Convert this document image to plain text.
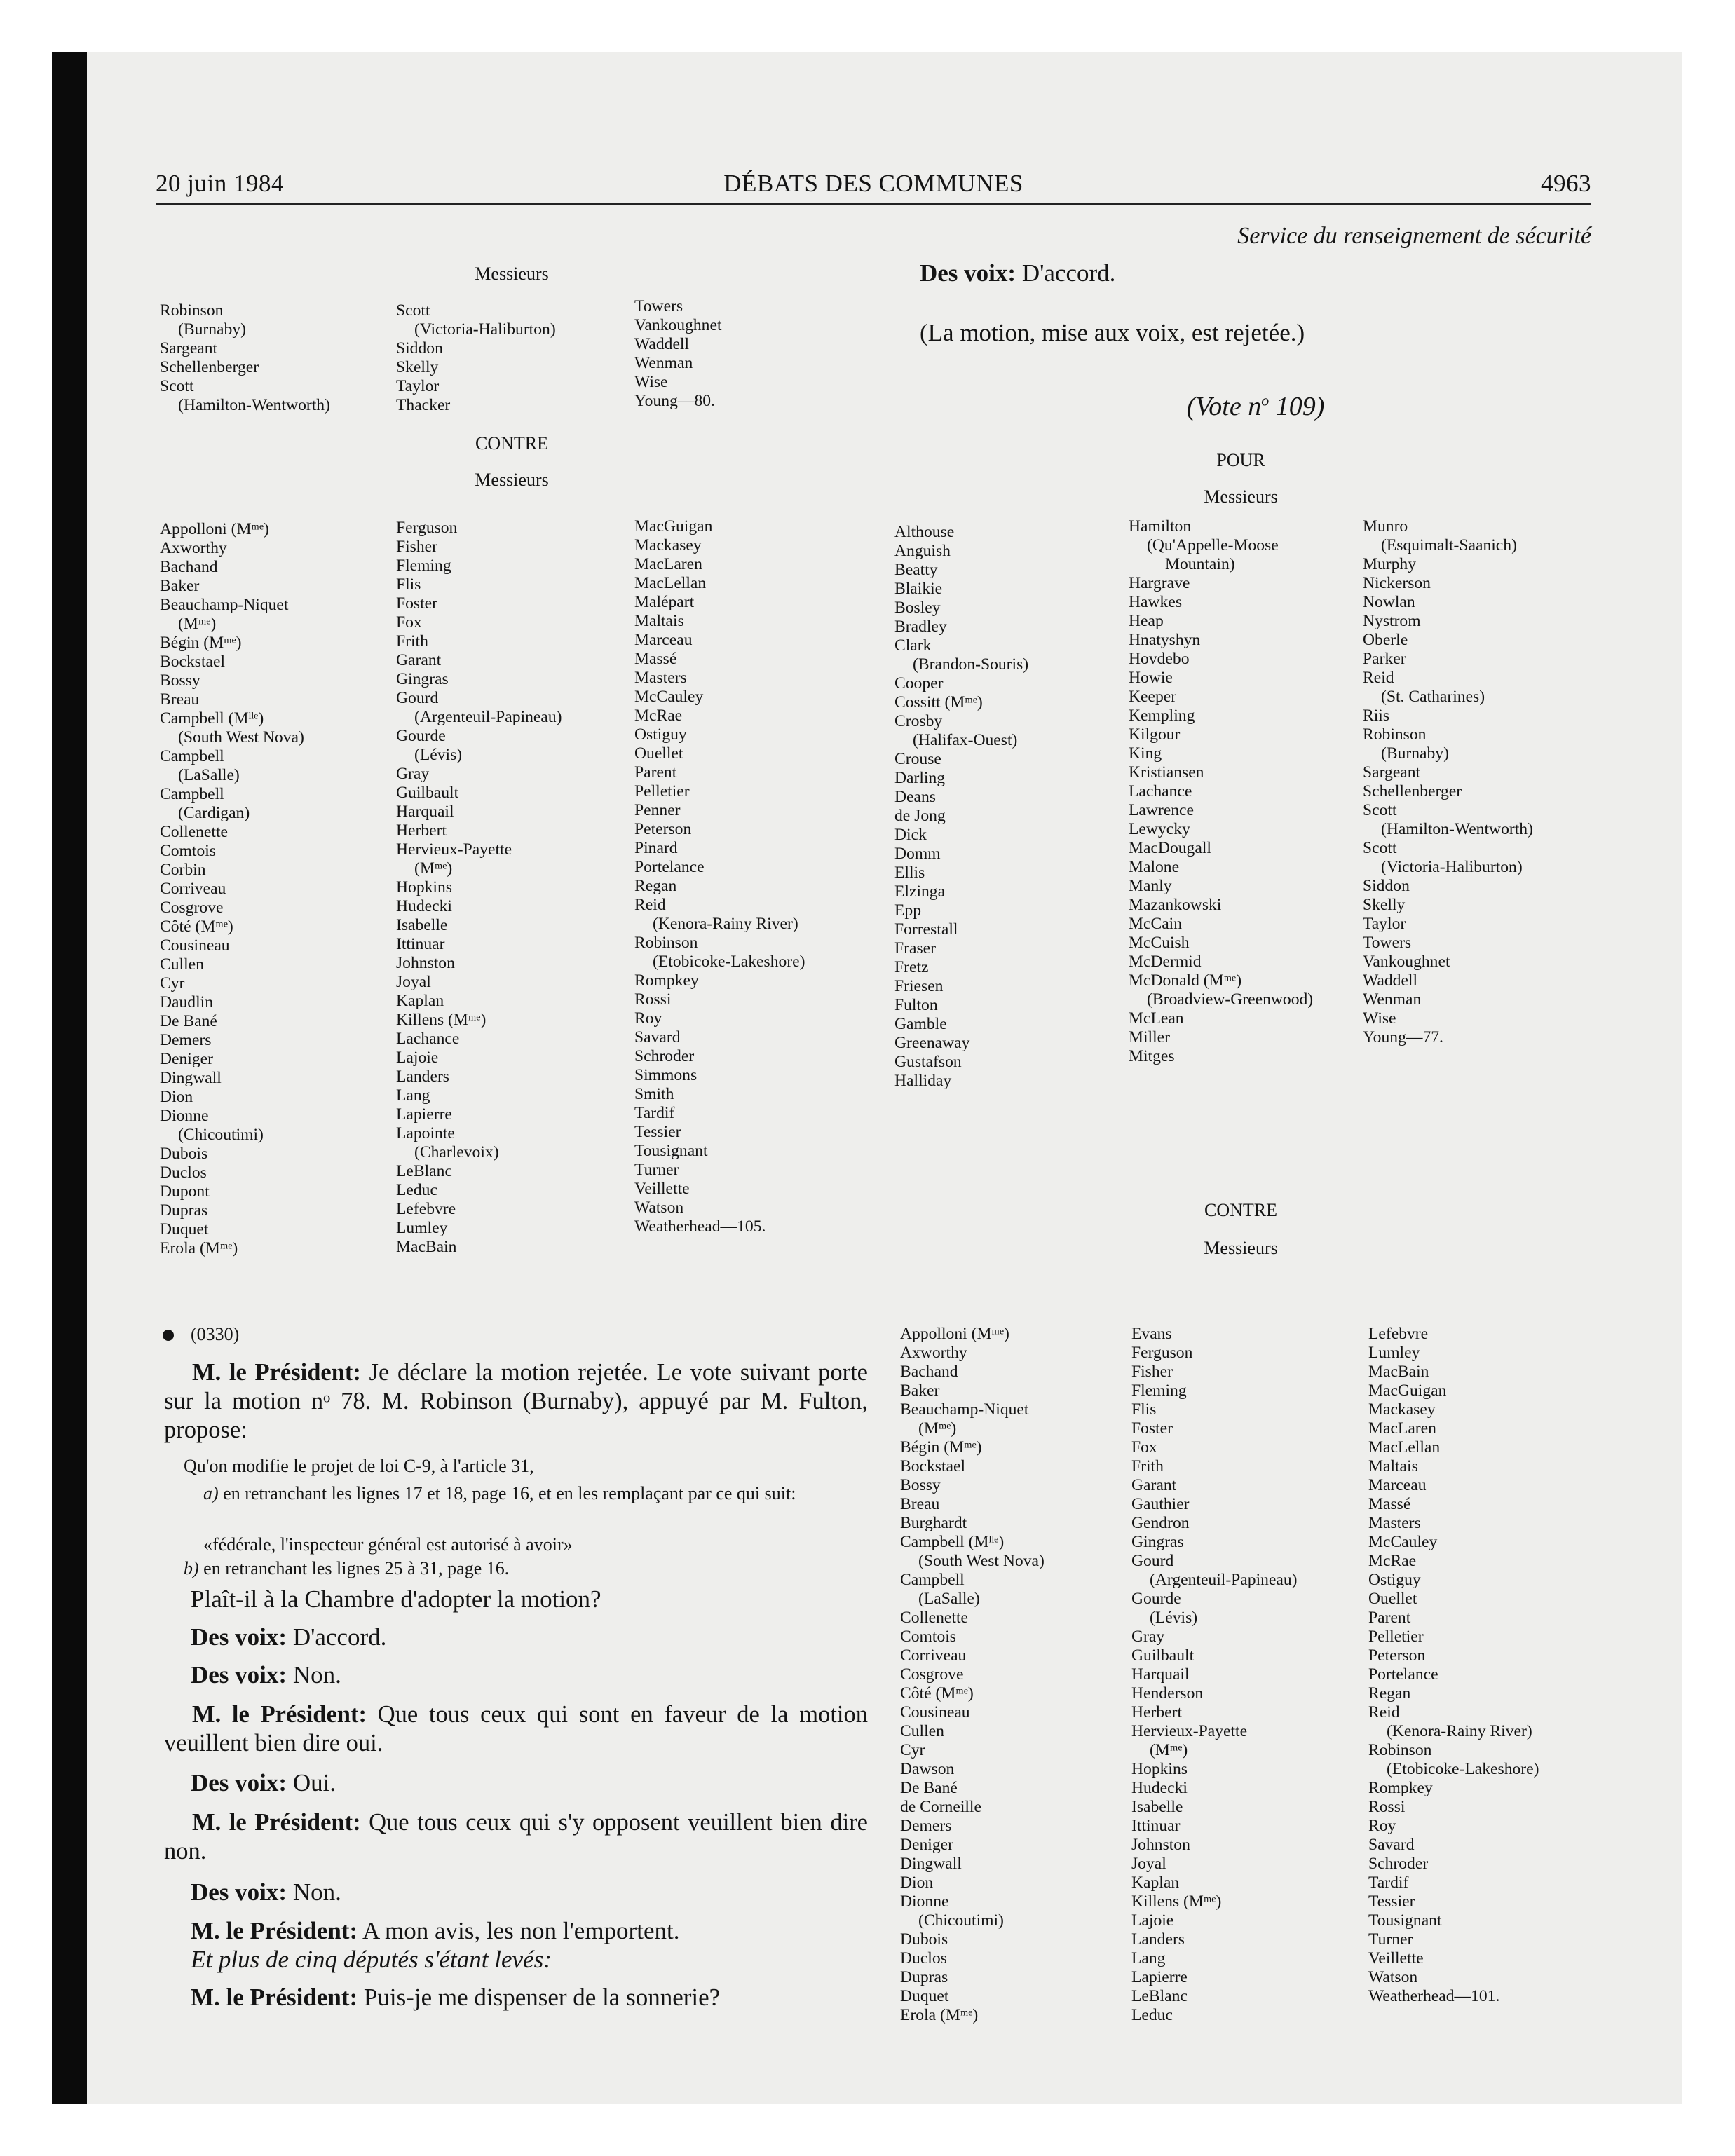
20 juin 1984	DÉBATS DES COMMUNES	4963
Messieurs
Robinson
(Burnaby)
Sargeant
Schellenberger
Scott
(Hamilton-Wentworth)
Scott
(Victoria-Haliburton)
Siddon
Skelly
Taylor
Thacker
Towers
Vankoughnet
Waddell
Wenman
Wise
Young—80.
CONTRE
Messieurs
Appolloni (Mᵐᵉ)
Axworthy
Bachand
Baker
Beauchamp-Niquet
(Mᵐᵉ)
Bégin (Mᵐᵉ)
Bockstael
Bossy
Breau
Campbell (Mˡˡᵉ)
(South West Nova)
Campbell
(LaSalle)
Campbell
(Cardigan)
Collenette
Comtois
Corbin
Corriveau
Cosgrove
Côté (Mᵐᵉ)
Cousineau
Cullen
Cyr
Daudlin
De Bané
Demers
Deniger
Dingwall
Dion
Dionne
(Chicoutimi)
Dubois
Duclos
Dupont
Dupras
Duquet
Erola (Mᵐᵉ)
Ferguson
Fisher
Fleming
Flis
Foster
Fox
Frith
Garant
Gingras
Gourd
(Argenteuil-Papineau)
Gourde
(Lévis)
Gray
Guilbault
Harquail
Herbert
Hervieux-Payette
(Mᵐᵉ)
Hopkins
Hudecki
Isabelle
Ittinuar
Johnston
Joyal
Kaplan
Killens (Mᵐᵉ)
Lachance
Lajoie
Landers
Lang
Lapierre
Lapointe
(Charlevoix)
LeBlanc
Leduc
Lefebvre
Lumley
MacBain
MacGuigan
Mackasey
MacLaren
MacLellan
Malépart
Maltais
Marceau
Massé
Masters
McCauley
McRae
Ostiguy
Ouellet
Parent
Pelletier
Penner
Peterson
Pinard
Portelance
Regan
Reid
(Kenora-Rainy River)
Robinson
(Etobicoke-Lakeshore)
Rompkey
Rossi
Roy
Savard
Schroder
Simmons
Smith
Tardif
Tessier
Tousignant
Turner
Veillette
Watson
Weatherhead—105.
(0330)
M. le Président: Je déclare la motion rejetée. Le vote suivant porte sur la motion nᵒ 78. M. Robinson (Burnaby), appuyé par M. Fulton, propose:
Qu'on modifie le projet de loi C-9, à l'article 31,
a) en retranchant les lignes 17 et 18, page 16, et en les remplaçant par ce qui suit:
«fédérale, l'inspecteur général est autorisé à avoir»
b) en retranchant les lignes 25 à 31, page 16.
Plaît-il à la Chambre d'adopter la motion?
Des voix: D'accord.
Des voix: Non.
M. le Président: Que tous ceux qui sont en faveur de la motion veuillent bien dire oui.
Des voix: Oui.
M. le Président: Que tous ceux qui s'y opposent veuillent bien dire non.
Des voix: Non.
M. le Président: A mon avis, les non l'emportent.
Et plus de cinq députés s'étant levés:
M. le Président: Puis-je me dispenser de la sonnerie?
Service du renseignement de sécurité
Des voix: D'accord.
(La motion, mise aux voix, est rejetée.)
(Vote $n^o$ 109)
POUR
Messieurs
Althouse
Anguish
Beatty
Blaikie
Bosley
Bradley
Clark
(Brandon-Souris)
Cooper
Cossitt (Mᵐᵉ)
Crosby
(Halifax-Ouest)
Crouse
Darling
Deans
de Jong
Dick
Domm
Ellis
Elzinga
Epp
Forrestall
Fraser
Fretz
Friesen
Fulton
Gamble
Greenaway
Gustafson
Halliday
Hamilton
(Qu'Appelle-Moose
Mountain)
Hargrave
Hawkes
Heap
Hnatyshyn
Hovdebo
Howie
Keeper
Kempling
Kilgour
King
Kristiansen
Lachance
Lawrence
Lewycky
MacDougall
Malone
Manly
Mazankowski
McCain
McCuish
McDermid
McDonald (Mᵐᵉ)
(Broadview-Greenwood)
McLean
Miller
Mitges
Munro
(Esquimalt-Saanich)
Murphy
Nickerson
Nowlan
Nystrom
Oberle
Parker
Reid
(St. Catharines)
Riis
Robinson
(Burnaby)
Sargeant
Schellenberger
Scott
(Hamilton-Wentworth)
Scott
(Victoria-Haliburton)
Siddon
Skelly
Taylor
Towers
Vankoughnet
Waddell
Wenman
Wise
Young—77.
CONTRE
Messieurs
Appolloni (Mᵐᵉ)
Axworthy
Bachand
Baker
Beauchamp-Niquet
(Mᵐᵉ)
Bégin (Mᵐᵉ)
Bockstael
Bossy
Breau
Burghardt
Campbell (Mˡˡᵉ)
(South West Nova)
Campbell
(LaSalle)
Collenette
Comtois
Corriveau
Cosgrove
Côté (Mᵐᵉ)
Cousineau
Cullen
Cyr
Dawson
De Bané
de Corneille
Demers
Deniger
Dingwall
Dion
Dionne
(Chicoutimi)
Dubois
Duclos
Dupras
Duquet
Erola (Mᵐᵉ)
Evans
Ferguson
Fisher
Fleming
Flis
Foster
Fox
Frith
Garant
Gauthier
Gendron
Gingras
Gourd
(Argenteuil-Papineau)
Gourde
(Lévis)
Gray
Guilbault
Harquail
Henderson
Herbert
Hervieux-Payette
(Mᵐᵉ)
Hopkins
Hudecki
Isabelle
Ittinuar
Johnston
Joyal
Kaplan
Killens (Mᵐᵉ)
Lajoie
Landers
Lang
Lapierre
LeBlanc
Leduc
Lefebvre
Lumley
MacBain
MacGuigan
Mackasey
MacLaren
MacLellan
Maltais
Marceau
Massé
Masters
McCauley
McRae
Ostiguy
Ouellet
Parent
Pelletier
Peterson
Portelance
Regan
Reid
(Kenora-Rainy River)
Robinson
(Etobicoke-Lakeshore)
Rompkey
Rossi
Roy
Savard
Schroder
Tardif
Tessier
Tousignant
Turner
Veillette
Watson
Weatherhead—101.
